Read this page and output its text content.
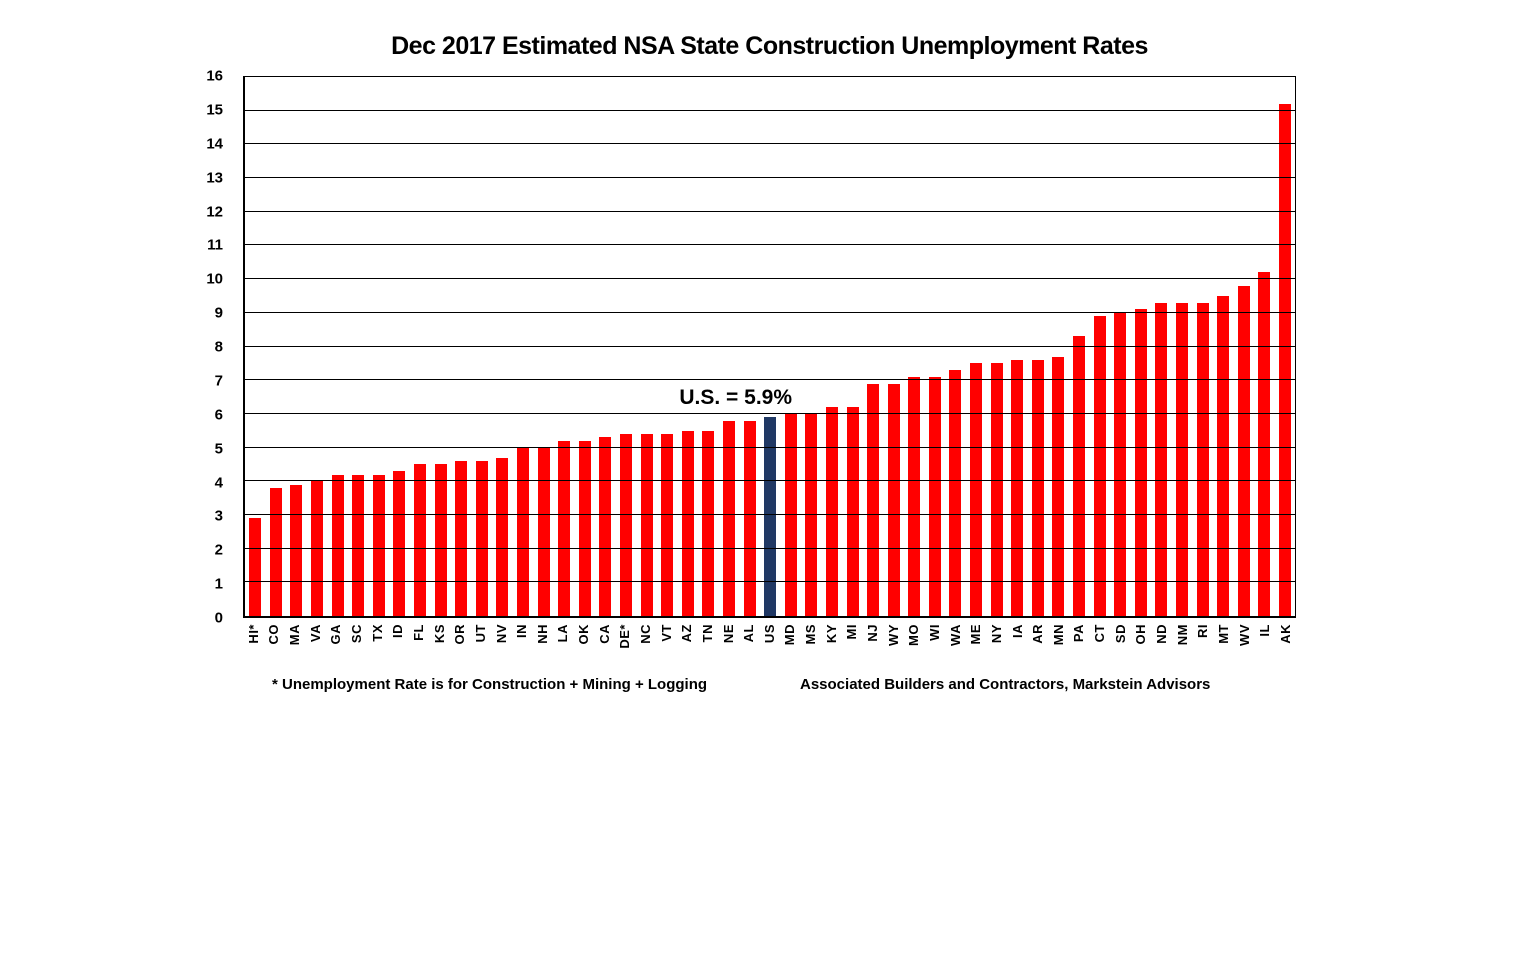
Dec 2017 Estimated NSA State Construction Unemployment Rates
0
1
2
3
4
5
6
7
8
9
10
11
12
13
14
15
16
HI* CO MA VA GA SC TX ID FL KS OR UT NV IN NH LA OK CA DE* NC VT AZ TN NE AL US MD MS KY MI NJ WY MO WI WA ME NY IA AR MN PA CT SD OH ND NM RI MT WV IL AK
U.S. = 5.9%
* Unemployment Rate is for Construction + Mining + Logging	Associated Builders and Contractors, Markstein Advisors
